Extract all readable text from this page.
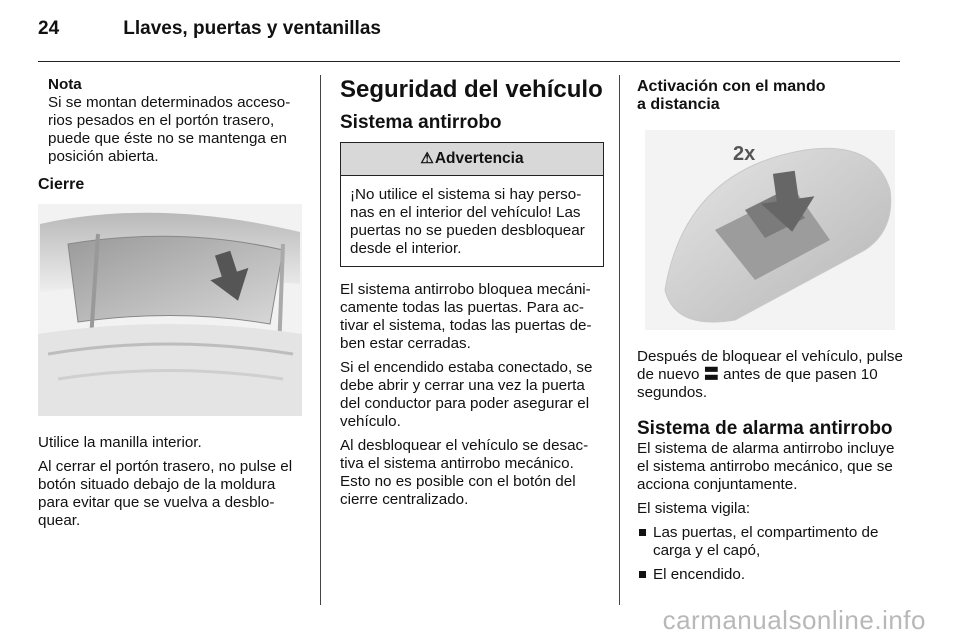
24	Llaves, puertas y ventanillas
Nota
Si se montan determinados accesorios pesados en el portón trasero, puede que éste no se mantenga en posición abierta.
Cierre

Utilice la manilla interior.

Al cerrar el portón trasero, no pulse el botón situado debajo de la moldura para evitar que se vuelva a desbloquear.

Seguridad del vehículo
Sistema antirrobo
⚠Advertencia
¡No utilice el sistema si hay personas en el interior del vehículo! Las puertas no se pueden desbloquear desde el interior.

El sistema antirrobo bloquea mecánicamente todas las puertas. Para activar el sistema, todas las puertas deben estar cerradas.

Si el encendido estaba conectado, se debe abrir y cerrar una vez la puerta del conductor para poder asegurar el vehículo.

Al desbloquear el vehículo se desactiva el sistema antirrobo mecánico. Esto no es posible con el botón del cierre centralizado.

Activación con el mando
a distancia
2x

Después de bloquear el vehículo, pulse de nuevo 〓 antes de que pasen 10 segundos.

Sistema de alarma antirrobo

El sistema de alarma antirrobo incluye el sistema antirrobo mecánico, que se acciona conjuntamente.

El sistema vigila:

Las puertas, el compartimento de carga y el capó,
El encendido.
carmanualsonline.info
